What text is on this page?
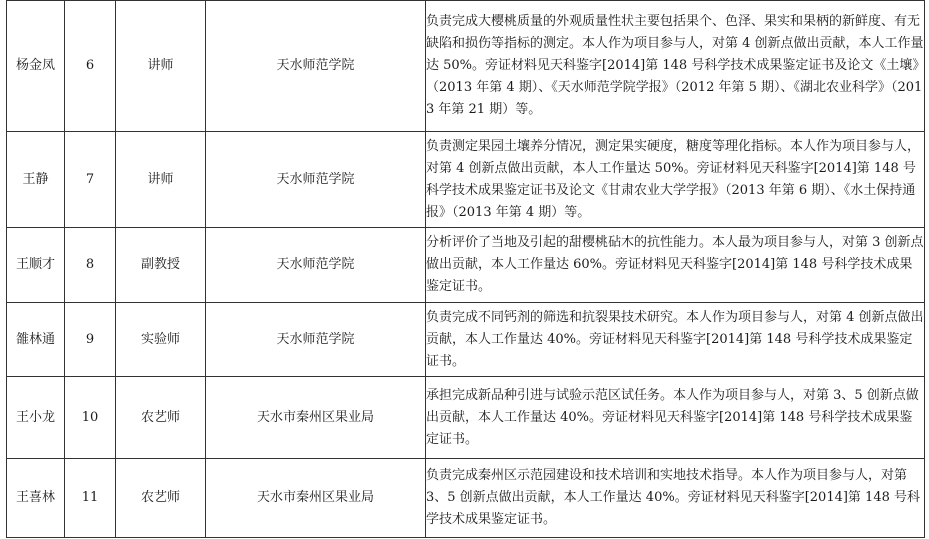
杨金凤	6	讲师	天水师范学院	负责完成大樱桃质量的外观质量性状主要包括果个、色泽、果实和果柄的新鲜度、有无缺陷和损伤等指标的测定。本人作为项目参与人，对第 4 创新点做出贡献，本人工作量达 50%。旁证材料见天科鉴字[2014]第 148 号科学技术成果鉴定证书及论文《土壤》（2013 年第 4 期）、《天水师范学院学报》（2012 年第 5 期）、《湖北农业科学》（2013 年第 21 期）等。
王静	7	讲师	天水师范学院	负责测定果园土壤养分情况，测定果实硬度，糖度等理化指标。本人作为项目参与人，对第 4 创新点做出贡献，本人工作量达 50%。旁证材料见天科鉴字[2014]第 148 号科学技术成果鉴定证书及论文《甘肃农业大学学报》（2013 年第 6 期）、《水土保持通报》（2013 年第 4 期）等。
王顺才	8	副教授	天水师范学院	分析评价了当地及引起的甜樱桃砧木的抗性能力。本人最为项目参与人，对第 3 创新点做出贡献，本人工作量达 60%。旁证材料见天科鉴字[2014]第 148 号科学技术成果鉴定证书。
雒林通	9	实验师	天水师范学院	负责完成不同钙剂的筛选和抗裂果技术研究。本人作为项目参与人，对第 4 创新点做出贡献，本人工作量达 40%。旁证材料见天科鉴字[2014]第 148 号科学技术成果鉴定证书。
王小龙	10	农艺师	天水市秦州区果业局	承担完成新品种引进与试验示范区试任务。本人作为项目参与人，对第 3、5 创新点做出贡献，本人工作量达 40%。旁证材料见天科鉴字[2014]第 148 号科学技术成果鉴定证书。
王喜林	11	农艺师	天水市秦州区果业局	负责完成秦州区示范园建设和技术培训和实地技术指导。本人作为项目参与人，对第 3、5 创新点做出贡献，本人工作量达 40%。旁证材料见天科鉴字[2014]第 148 号科学技术成果鉴定证书。
